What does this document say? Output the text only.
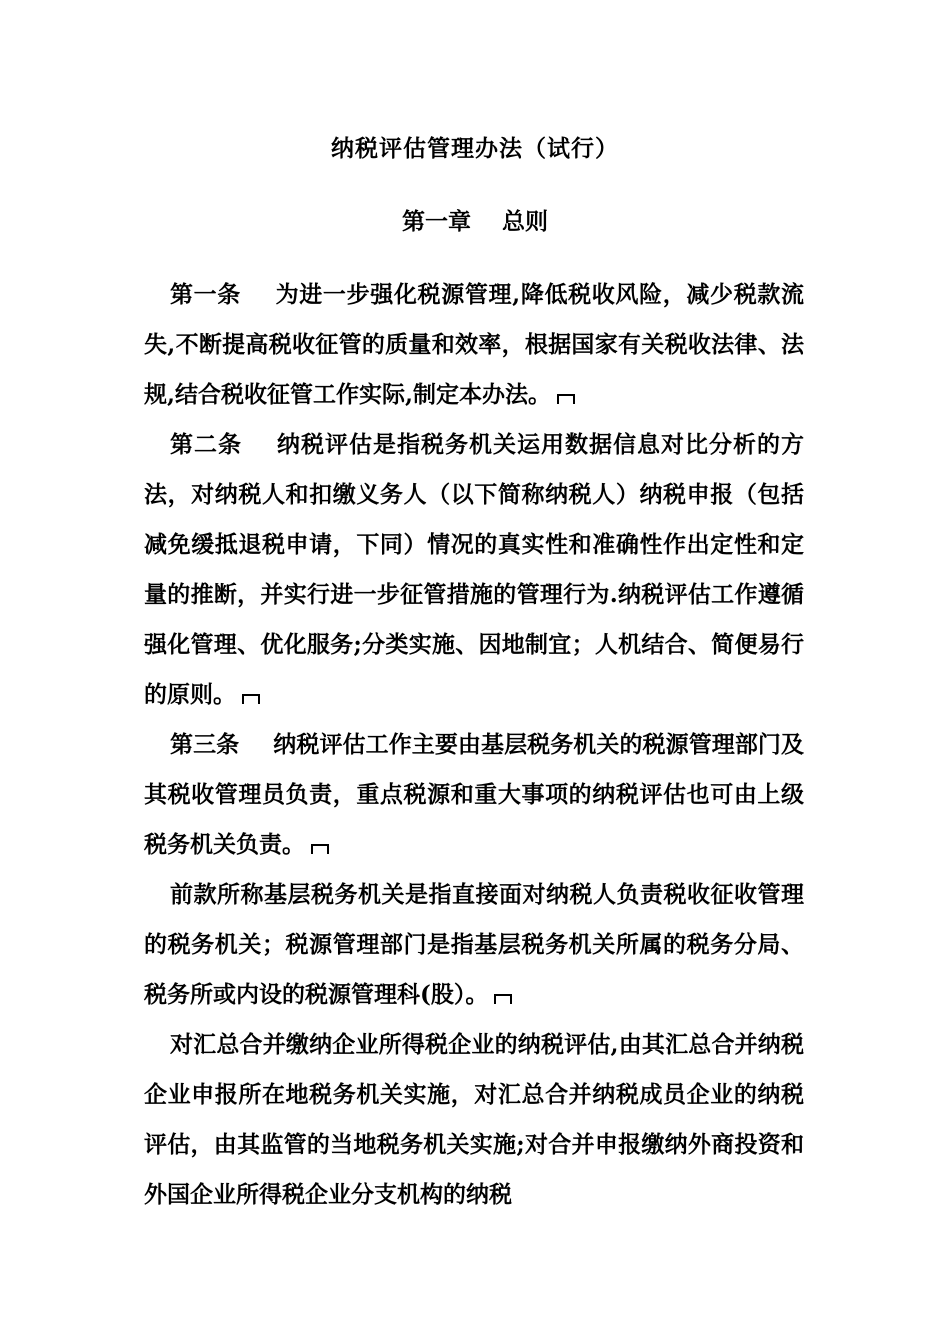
纳税评估管理办法（试行）
第一章　 总则

第一条 为进一步强化税源管理,降低税收风险，减少税款流失,不断提高税收征管的质量和效率，根据国家有关税收法律、法规,结合税收征管工作实际,制定本办法。

第二条 纳税评估是指税务机关运用数据信息对比分析的方法，对纳税人和扣缴义务人（以下简称纳税人）纳税申报（包括减免缓抵退税申请，下同）情况的真实性和准确性作出定性和定量的推断，并实行进一步征管措施的管理行为.纳税评估工作遵循强化管理、优化服务;分类实施、因地制宜；人机结合、简便易行的原则。

第三条 纳税评估工作主要由基层税务机关的税源管理部门及其税收管理员负责，重点税源和重大事项的纳税评估也可由上级税务机关负责。

前款所称基层税务机关是指直接面对纳税人负责税收征收管理的税务机关；税源管理部门是指基层税务机关所属的税务分局、税务所或内设的税源管理科(股）。

对汇总合并缴纳企业所得税企业的纳税评估,由其汇总合并纳税企业申报所在地税务机关实施，对汇总合并纳税成员企业的纳税评估，由其监管的当地税务机关实施;对合并申报缴纳外商投资和外国企业所得税企业分支机构的纳税
